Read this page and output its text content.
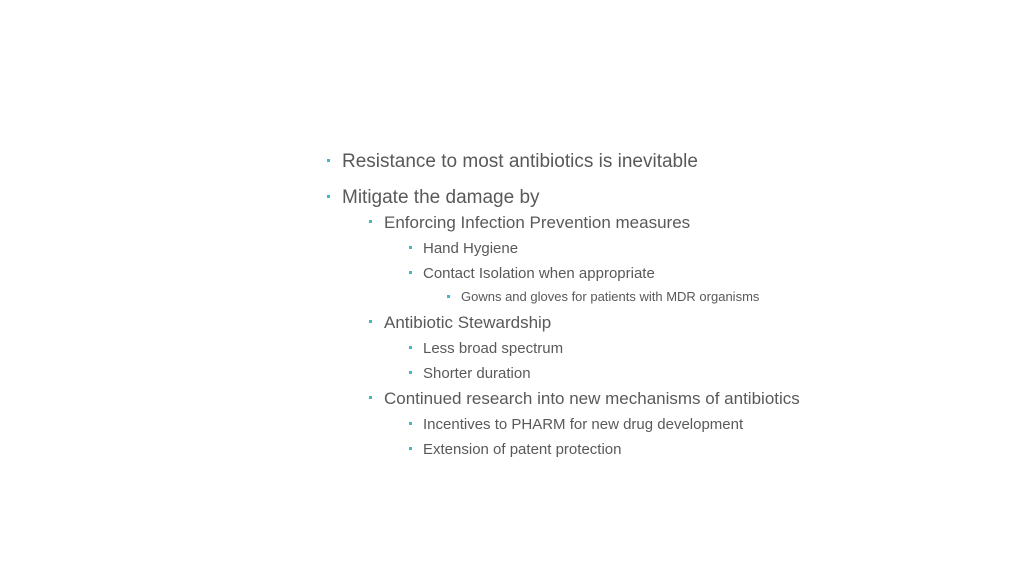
Resistance to most antibiotics is inevitable
Mitigate the damage by
Enforcing Infection Prevention measures
Hand Hygiene
Contact Isolation when appropriate
Gowns and gloves for patients with MDR organisms
Antibiotic Stewardship
Less broad spectrum
Shorter duration
Continued research into new mechanisms of antibiotics
Incentives to PHARM for new drug development
Extension of patent protection
